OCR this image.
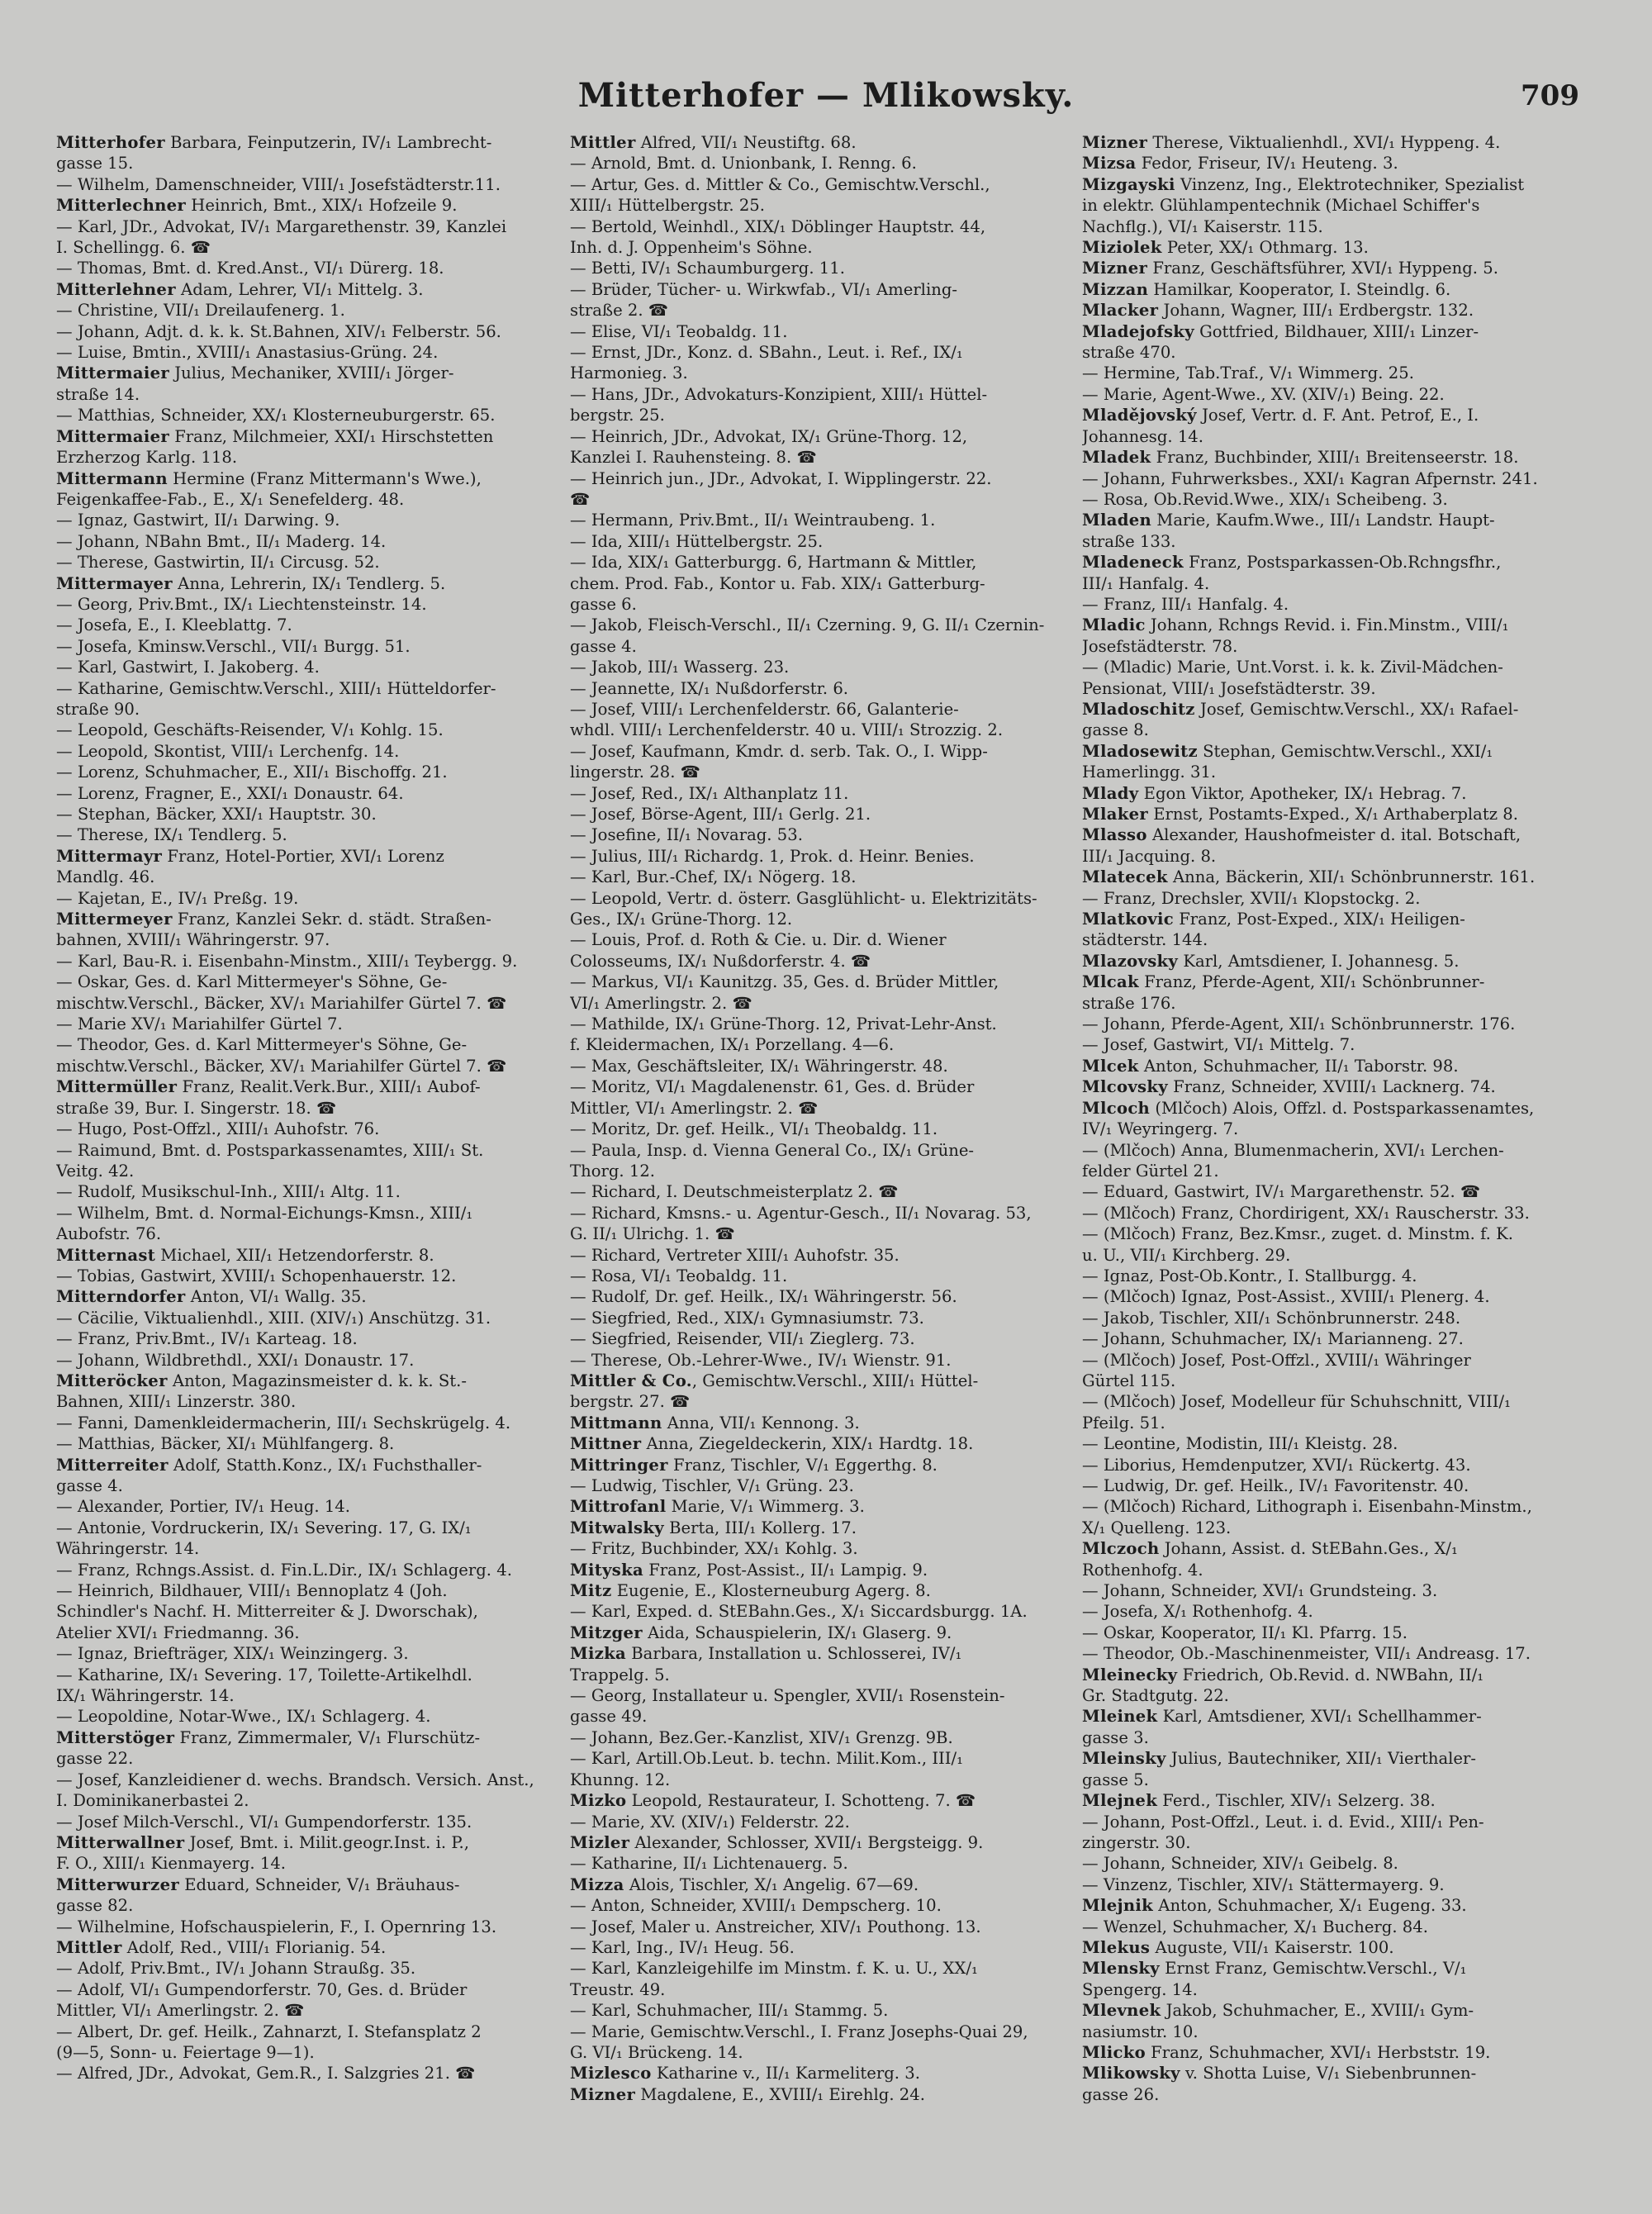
Mitterhofer — Mlikowsky.	709

Mitterhofer Barbara, Feinputzerin, IV/₁ Lambrecht-

gasse 15.

— Wilhelm, Damenschneider, VIII/₁ Josefstädterstr.11.

Mitterlechner Heinrich, Bmt., XIX/₁ Hofzeile 9.

— Karl, JDr., Advokat, IV/₁ Margarethenstr. 39, Kanzlei

I. Schellingg. 6. ☎

— Thomas, Bmt. d. Kred.Anst., VI/₁ Dürerg. 18.

Mitterlehner Adam, Lehrer, VI/₁ Mittelg. 3.

— Christine, VII/₁ Dreilaufenerg. 1.

— Johann, Adjt. d. k. k. St.Bahnen, XIV/₁ Felberstr. 56.

— Luise, Bmtin., XVIII/₁ Anastasius-Grüng. 24.

Mittermaier Julius, Mechaniker, XVIII/₁ Jörger-

straße 14.

— Matthias, Schneider, XX/₁ Klosterneuburgerstr. 65.

Mittermaier Franz, Milchmeier, XXI/₁ Hirschstetten

Erzherzog Karlg. 118.

Mittermann Hermine (Franz Mittermann's Wwe.),

Feigenkaffee-Fab., E., X/₁ Senefelderg. 48.

— Ignaz, Gastwirt, II/₁ Darwing. 9.

— Johann, NBahn Bmt., II/₁ Maderg. 14.

— Therese, Gastwirtin, II/₁ Circusg. 52.

Mittermayer Anna, Lehrerin, IX/₁ Tendlerg. 5.

— Georg, Priv.Bmt., IX/₁ Liechtensteinstr. 14.

— Josefa, E., I. Kleeblattg. 7.

— Josefa, Kminsw.Verschl., VII/₁ Burgg. 51.

— Karl, Gastwirt, I. Jakoberg. 4.

— Katharine, Gemischtw.Verschl., XIII/₁ Hütteldorfer-

straße 90.

— Leopold, Geschäfts-Reisender, V/₁ Kohlg. 15.

— Leopold, Skontist, VIII/₁ Lerchenfg. 14.

— Lorenz, Schuhmacher, E., XII/₁ Bischoffg. 21.

— Lorenz, Fragner, E., XXI/₁ Donaustr. 64.

— Stephan, Bäcker, XXI/₁ Hauptstr. 30.

— Therese, IX/₁ Tendlerg. 5.

Mittermayr Franz, Hotel-Portier, XVI/₁ Lorenz

Mandlg. 46.

— Kajetan, E., IV/₁ Preßg. 19.

Mittermeyer Franz, Kanzlei Sekr. d. städt. Straßen-

bahnen, XVIII/₁ Währingerstr. 97.

— Karl, Bau-R. i. Eisenbahn-Minstm., XIII/₁ Teybergg. 9.

— Oskar, Ges. d. Karl Mittermeyer's Söhne, Ge-

mischtw.Verschl., Bäcker, XV/₁ Mariahilfer Gürtel 7. ☎

— Marie XV/₁ Mariahilfer Gürtel 7.

— Theodor, Ges. d. Karl Mittermeyer's Söhne, Ge-

mischtw.Verschl., Bäcker, XV/₁ Mariahilfer Gürtel 7. ☎

Mittermüller Franz, Realit.Verk.Bur., XIII/₁ Aubof-

straße 39, Bur. I. Singerstr. 18. ☎

— Hugo, Post-Offzl., XIII/₁ Auhofstr. 76.

— Raimund, Bmt. d. Postsparkassenamtes, XIII/₁ St.

Veitg. 42.

— Rudolf, Musikschul-Inh., XIII/₁ Altg. 11.

— Wilhelm, Bmt. d. Normal-Eichungs-Kmsn., XIII/₁

Aubofstr. 76.

Mitternast Michael, XII/₁ Hetzendorferstr. 8.

— Tobias, Gastwirt, XVIII/₁ Schopenhauerstr. 12.

Mitterndorfer Anton, VI/₁ Wallg. 35.

— Cäcilie, Viktualienhdl., XIII. (XIV/₁) Anschützg. 31.

— Franz, Priv.Bmt., IV/₁ Karteag. 18.

— Johann, Wildbrethdl., XXI/₁ Donaustr. 17.

Mitteröcker Anton, Magazinsmeister d. k. k. St.-

Bahnen, XIII/₁ Linzerstr. 380.

— Fanni, Damenkleidermacherin, III/₁ Sechskrügelg. 4.

— Matthias, Bäcker, XI/₁ Mühlfangerg. 8.

Mitterreiter Adolf, Statth.Konz., IX/₁ Fuchsthaller-

gasse 4.

— Alexander, Portier, IV/₁ Heug. 14.

— Antonie, Vordruckerin, IX/₁ Severing. 17, G. IX/₁

Währingerstr. 14.

— Franz, Rchngs.Assist. d. Fin.L.Dir., IX/₁ Schlagerg. 4.

— Heinrich, Bildhauer, VIII/₁ Bennoplatz 4 (Joh.

Schindler's Nachf. H. Mitterreiter & J. Dworschak),

Atelier XVI/₁ Friedmanng. 36.

— Ignaz, Briefträger, XIX/₁ Weinzingerg. 3.

— Katharine, IX/₁ Severing. 17, Toilette-Artikelhdl.

IX/₁ Währingerstr. 14.

— Leopoldine, Notar-Wwe., IX/₁ Schlagerg. 4.

Mitterstöger Franz, Zimmermaler, V/₁ Flurschütz-

gasse 22.

— Josef, Kanzleidiener d. wechs. Brandsch. Versich. Anst.,

I. Dominikanerbastei 2.

— Josef Milch-Verschl., VI/₁ Gumpendorferstr. 135.

Mitterwallner Josef, Bmt. i. Milit.geogr.Inst. i. P.,

F. O., XIII/₁ Kienmayerg. 14.

Mitterwurzer Eduard, Schneider, V/₁ Bräuhaus-

gasse 82.

— Wilhelmine, Hofschauspielerin, F., I. Opernring 13.

Mittler Adolf, Red., VIII/₁ Florianig. 54.

— Adolf, Priv.Bmt., IV/₁ Johann Straußg. 35.

— Adolf, VI/₁ Gumpendorferstr. 70, Ges. d. Brüder

Mittler, VI/₁ Amerlingstr. 2. ☎

— Albert, Dr. gef. Heilk., Zahnarzt, I. Stefansplatz 2

(9—5, Sonn- u. Feiertage 9—1).

— Alfred, JDr., Advokat, Gem.R., I. Salzgries 21. ☎

Mittler Alfred, VII/₁ Neustiftg. 68.

— Arnold, Bmt. d. Unionbank, I. Renng. 6.

— Artur, Ges. d. Mittler & Co., Gemischtw.Verschl.,

XIII/₁ Hüttelbergstr. 25.

— Bertold, Weinhdl., XIX/₁ Döblinger Hauptstr. 44,

Inh. d. J. Oppenheim's Söhne.

— Betti, IV/₁ Schaumburgerg. 11.

— Brüder, Tücher- u. Wirkwfab., VI/₁ Amerling-

straße 2. ☎

— Elise, VI/₁ Teobaldg. 11.

— Ernst, JDr., Konz. d. SBahn., Leut. i. Ref., IX/₁

Harmonieg. 3.

— Hans, JDr., Advokaturs-Konzipient, XIII/₁ Hüttel-

bergstr. 25.

— Heinrich, JDr., Advokat, IX/₁ Grüne-Thorg. 12,

Kanzlei I. Rauhensteing. 8. ☎

— Heinrich jun., JDr., Advokat, I. Wipplingerstr. 22.

☎

— Hermann, Priv.Bmt., II/₁ Weintraubeng. 1.

— Ida, XIII/₁ Hüttelbergstr. 25.

— Ida, XIX/₁ Gatterburgg. 6, Hartmann & Mittler,

chem. Prod. Fab., Kontor u. Fab. XIX/₁ Gatterburg-

gasse 6.

— Jakob, Fleisch-Verschl., II/₁ Czerning. 9, G. II/₁ Czernin-

gasse 4.

— Jakob, III/₁ Wasserg. 23.

— Jeannette, IX/₁ Nußdorferstr. 6.

— Josef, VIII/₁ Lerchenfelderstr. 66, Galanterie-

whdl. VIII/₁ Lerchenfelderstr. 40 u. VIII/₁ Strozzig. 2.

— Josef, Kaufmann, Kmdr. d. serb. Tak. O., I. Wipp-

lingerstr. 28. ☎

— Josef, Red., IX/₁ Althanplatz 11.

— Josef, Börse-Agent, III/₁ Gerlg. 21.

— Josefine, II/₁ Novarag. 53.

— Julius, III/₁ Richardg. 1, Prok. d. Heinr. Benies.

— Karl, Bur.-Chef, IX/₁ Nögerg. 18.

— Leopold, Vertr. d. österr. Gasglühlicht- u. Elektrizitäts-

Ges., IX/₁ Grüne-Thorg. 12.

— Louis, Prof. d. Roth & Cie. u. Dir. d. Wiener

Colosseums, IX/₁ Nußdorferstr. 4. ☎

— Markus, VI/₁ Kaunitzg. 35, Ges. d. Brüder Mittler,

VI/₁ Amerlingstr. 2. ☎

— Mathilde, IX/₁ Grüne-Thorg. 12, Privat-Lehr-Anst.

f. Kleidermachen, IX/₁ Porzellang. 4—6.

— Max, Geschäftsleiter, IX/₁ Währingerstr. 48.

— Moritz, VI/₁ Magdalenenstr. 61, Ges. d. Brüder

Mittler, VI/₁ Amerlingstr. 2. ☎

— Moritz, Dr. gef. Heilk., VI/₁ Theobaldg. 11.

— Paula, Insp. d. Vienna General Co., IX/₁ Grüne-

Thorg. 12.

— Richard, I. Deutschmeisterplatz 2. ☎

— Richard, Kmsns.- u. Agentur-Gesch., II/₁ Novarag. 53,

G. II/₁ Ulrichg. 1. ☎

— Richard, Vertreter XIII/₁ Auhofstr. 35.

— Rosa, VI/₁ Teobaldg. 11.

— Rudolf, Dr. gef. Heilk., IX/₁ Währingerstr. 56.

— Siegfried, Red., XIX/₁ Gymnasiumstr. 73.

— Siegfried, Reisender, VII/₁ Zieglerg. 73.

— Therese, Ob.-Lehrer-Wwe., IV/₁ Wienstr. 91.

Mittler & Co., Gemischtw.Verschl., XIII/₁ Hüttel-

bergstr. 27. ☎

Mittmann Anna, VII/₁ Kennong. 3.

Mittner Anna, Ziegeldeckerin, XIX/₁ Hardtg. 18.

Mittringer Franz, Tischler, V/₁ Eggerthg. 8.

— Ludwig, Tischler, V/₁ Grüng. 23.

Mittrofanl Marie, V/₁ Wimmerg. 3.

Mitwalsky Berta, III/₁ Kollerg. 17.

— Fritz, Buchbinder, XX/₁ Kohlg. 3.

Mityska Franz, Post-Assist., II/₁ Lampig. 9.

Mitz Eugenie, E., Klosterneuburg Agerg. 8.

— Karl, Exped. d. StEBahn.Ges., X/₁ Siccardsburgg. 1A.

Mitzger Aida, Schauspielerin, IX/₁ Glaserg. 9.

Mizka Barbara, Installation u. Schlosserei, IV/₁

Trappelg. 5.

— Georg, Installateur u. Spengler, XVII/₁ Rosenstein-

gasse 49.

— Johann, Bez.Ger.-Kanzlist, XIV/₁ Grenzg. 9B.

— Karl, Artill.Ob.Leut. b. techn. Milit.Kom., III/₁

Khunng. 12.

Mizko Leopold, Restaurateur, I. Schotteng. 7. ☎

— Marie, XV. (XIV/₁) Felderstr. 22.

Mizler Alexander, Schlosser, XVII/₁ Bergsteigg. 9.

— Katharine, II/₁ Lichtenauerg. 5.

Mizza Alois, Tischler, X/₁ Angelig. 67—69.

— Anton, Schneider, XVIII/₁ Dempscherg. 10.

— Josef, Maler u. Anstreicher, XIV/₁ Pouthong. 13.

— Karl, Ing., IV/₁ Heug. 56.

— Karl, Kanzleigehilfe im Minstm. f. K. u. U., XX/₁

Treustr. 49.

— Karl, Schuhmacher, III/₁ Stammg. 5.

— Marie, Gemischtw.Verschl., I. Franz Josephs-Quai 29,

G. VI/₁ Brückeng. 14.

Mizlesco Katharine v., II/₁ Karmeliterg. 3.

Mizner Magdalene, E., XVIII/₁ Eirehlg. 24.

Mizner Therese, Viktualienhdl., XVI/₁ Hyppeng. 4.

Mizsa Fedor, Friseur, IV/₁ Heuteng. 3.

Mizgayski Vinzenz, Ing., Elektrotechniker, Spezialist

in elektr. Glühlampentechnik (Michael Schiffer's

Nachflg.), VI/₁ Kaiserstr. 115.

Miziolek Peter, XX/₁ Othmarg. 13.

Mizner Franz, Geschäftsführer, XVI/₁ Hyppeng. 5.

Mizzan Hamilkar, Kooperator, I. Steindlg. 6.

Mlacker Johann, Wagner, III/₁ Erdbergstr. 132.

Mladejofsky Gottfried, Bildhauer, XIII/₁ Linzer-

straße 470.

— Hermine, Tab.Traf., V/₁ Wimmerg. 25.

— Marie, Agent-Wwe., XV. (XIV/₁) Being. 22.

Mladějovský Josef, Vertr. d. F. Ant. Petrof, E., I.

Johannesg. 14.

Mladek Franz, Buchbinder, XIII/₁ Breitenseerstr. 18.

— Johann, Fuhrwerksbes., XXI/₁ Kagran Afpernstr. 241.

— Rosa, Ob.Revid.Wwe., XIX/₁ Scheibeng. 3.

Mladen Marie, Kaufm.Wwe., III/₁ Landstr. Haupt-

straße 133.

Mladeneck Franz, Postsparkassen-Ob.Rchngsfhr.,

III/₁ Hanfalg. 4.

— Franz, III/₁ Hanfalg. 4.

Mladic Johann, Rchngs Revid. i. Fin.Minstm., VIII/₁

Josefstädterstr. 78.

— (Mladic) Marie, Unt.Vorst. i. k. k. Zivil-Mädchen-

Pensionat, VIII/₁ Josefstädterstr. 39.

Mladoschitz Josef, Gemischtw.Verschl., XX/₁ Rafael-

gasse 8.

Mladosewitz Stephan, Gemischtw.Verschl., XXI/₁

Hamerlingg. 31.

Mlady Egon Viktor, Apotheker, IX/₁ Hebrag. 7.

Mlaker Ernst, Postamts-Exped., X/₁ Arthaberplatz 8.

Mlasso Alexander, Haushofmeister d. ital. Botschaft,

III/₁ Jacquing. 8.

Mlatecek Anna, Bäckerin, XII/₁ Schönbrunnerstr. 161.

— Franz, Drechsler, XVII/₁ Klopstockg. 2.

Mlatkovic Franz, Post-Exped., XIX/₁ Heiligen-

städterstr. 144.

Mlazovsky Karl, Amtsdiener, I. Johannesg. 5.

Mlcak Franz, Pferde-Agent, XII/₁ Schönbrunner-

straße 176.

— Johann, Pferde-Agent, XII/₁ Schönbrunnerstr. 176.

— Josef, Gastwirt, VI/₁ Mittelg. 7.

Mlcek Anton, Schuhmacher, II/₁ Taborstr. 98.

Mlcovsky Franz, Schneider, XVIII/₁ Lacknerg. 74.

Mlcoch (Mlčoch) Alois, Offzl. d. Postsparkassenamtes,

IV/₁ Weyringerg. 7.

— (Mlčoch) Anna, Blumenmacherin, XVI/₁ Lerchen-

felder Gürtel 21.

— Eduard, Gastwirt, IV/₁ Margarethenstr. 52. ☎

— (Mlčoch) Franz, Chordirigent, XX/₁ Rauscherstr. 33.

— (Mlčoch) Franz, Bez.Kmsr., zuget. d. Minstm. f. K.

u. U., VII/₁ Kirchberg. 29.

— Ignaz, Post-Ob.Kontr., I. Stallburgg. 4.

— (Mlčoch) Ignaz, Post-Assist., XVIII/₁ Plenerg. 4.

— Jakob, Tischler, XII/₁ Schönbrunnerstr. 248.

— Johann, Schuhmacher, IX/₁ Marianneng. 27.

— (Mlčoch) Josef, Post-Offzl., XVIII/₁ Währinger

Gürtel 115.

— (Mlčoch) Josef, Modelleur für Schuhschnitt, VIII/₁

Pfeilg. 51.

— Leontine, Modistin, III/₁ Kleistg. 28.

— Liborius, Hemdenputzer, XVI/₁ Rückertg. 43.

— Ludwig, Dr. gef. Heilk., IV/₁ Favoritenstr. 40.

— (Mlčoch) Richard, Lithograph i. Eisenbahn-Minstm.,

X/₁ Quelleng. 123.

Mlczoch Johann, Assist. d. StEBahn.Ges., X/₁

Rothenhofg. 4.

— Johann, Schneider, XVI/₁ Grundsteing. 3.

— Josefa, X/₁ Rothenhofg. 4.

— Oskar, Kooperator, II/₁ Kl. Pfarrg. 15.

— Theodor, Ob.-Maschinenmeister, VII/₁ Andreasg. 17.

Mleinecky Friedrich, Ob.Revid. d. NWBahn, II/₁

Gr. Stadtgutg. 22.

Mleinek Karl, Amtsdiener, XVI/₁ Schellhammer-

gasse 3.

Mleinsky Julius, Bautechniker, XII/₁ Vierthaler-

gasse 5.

Mlejnek Ferd., Tischler, XIV/₁ Selzerg. 38.

— Johann, Post-Offzl., Leut. i. d. Evid., XIII/₁ Pen-

zingerstr. 30.

— Johann, Schneider, XIV/₁ Geibelg. 8.

— Vinzenz, Tischler, XIV/₁ Stättermayerg. 9.

Mlejnik Anton, Schuhmacher, X/₁ Eugeng. 33.

— Wenzel, Schuhmacher, X/₁ Bucherg. 84.

Mlekus Auguste, VII/₁ Kaiserstr. 100.

Mlensky Ernst Franz, Gemischtw.Verschl., V/₁

Spengerg. 14.

Mlevnek Jakob, Schuhmacher, E., XVIII/₁ Gym-

nasiumstr. 10.

Mlicko Franz, Schuhmacher, XVI/₁ Herbststr. 19.

Mlikowsky v. Shotta Luise, V/₁ Siebenbrunnen-

gasse 26.
